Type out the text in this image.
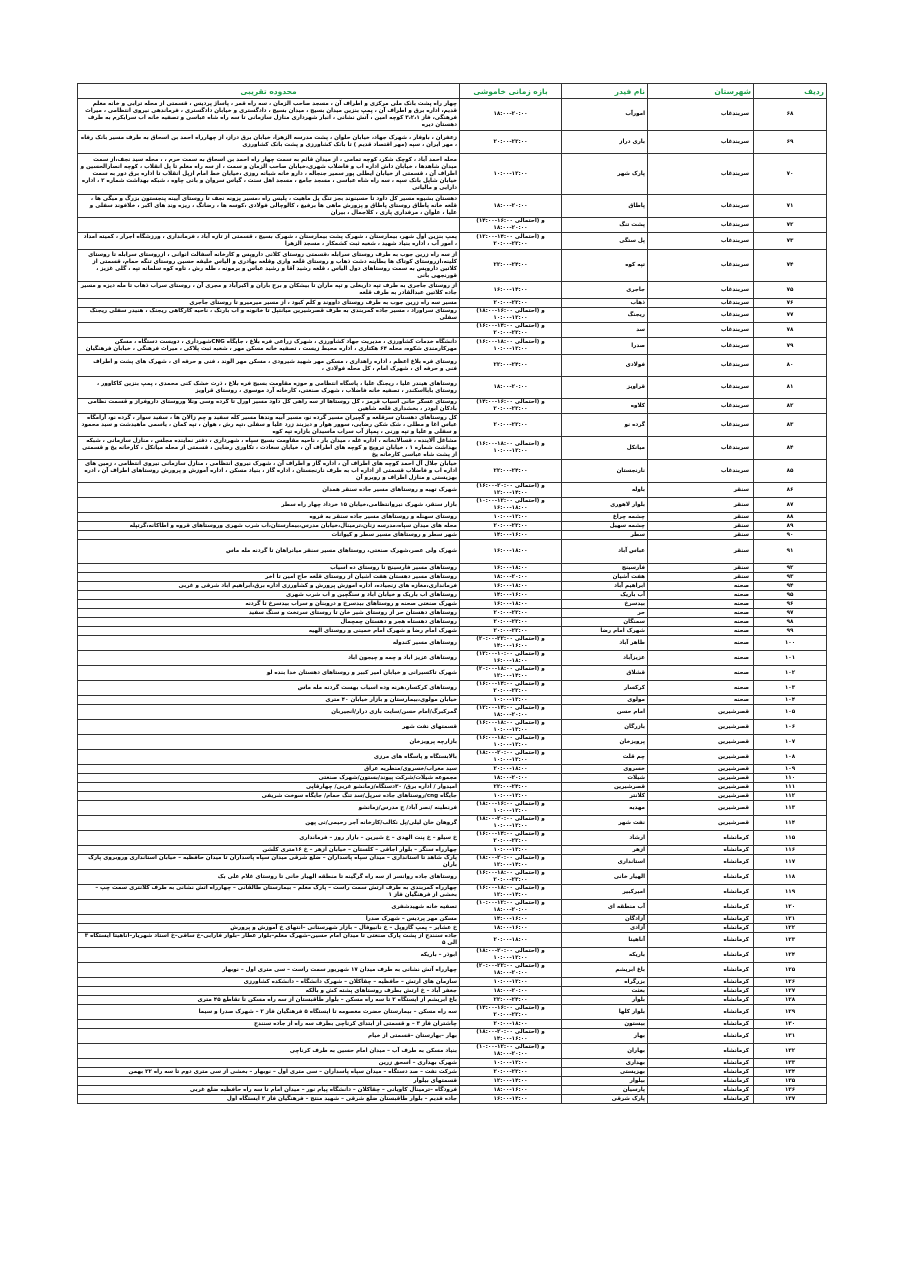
ردیف	شهرستان	نام فیدر	بازه زمانی خاموشی	محدوده تقریبی
۶۸	سربندغاب	امورآب	۱۸:۰۰-۲۰:۰۰	چهار راه پشت بانک ملی مرکزی و اطراف آن ، مسجد صاحب الزمان ، سه راه قمر ، پاساژ پردیس ، قسمتی از محله ترابی و خانه معلم قدیم، اداره برق و اطراف آن ، پمپ بنزین میدان بسیج ، میدان بسیج ، دادگستری و خیابان دادگستری ، فرماندهی نیروی انتظامی ، میراث فرهنگی، فاز ۳،۲،۱ کوچه امین ، آتش نشانی ، انبار شهرداری منازل سازمانی تا سه راه شاه عباسی و تصفیه خانه اب سرابکرم به طرف دهستان دیره
۶۹	سربندغاب	باری دراز	۲۰:۰۰-۲۲:۰۰	زعفران ، باوفار ، شهرک جهاد، خیابان حلوان ، پشت مدرسه الزهرا، خیابان برق دراز، از چهارراه احمد بن اسحاق به طرف مسیر بانک رفاه ، مهر ایران ، سپه (مهر اقتصاد قدیم ) تا بانک کشاورزی و پشت بانک کشاورزی
۷۰	سربندغاب	پارک شهر	۱۰:۰۰-۱۲:۰۰	محله احمد آباد ، کوچک شکر، کوچه تمامی ، از میدان قائم به سمت چهار راه احمد بن اسحاق به سمت حرم ، ، محله سید نجف،از سمت میدان شاهدها ، خیابان داش اداره اب و فاضلاب شهری،خیابان صاحب الزمان و سمت ، از سه راه معلم تا پل انقلاب ، کوچه انصارالحسین و اطراف آن ، قسمتی از خیابان ایطلی پور سمیر جنجاله ، دارو خانه شبانه روزی ،خیابان خط امام ازپل انقلاب تا اداره برق دور به سمت خیابان شاپل بانک سپه ، سه راه شاه عباسی ، مسجد جامع ، مسجد اهل سنت ، گیاس سروان و بانی چاوه ، شبکه بهداشت شماره ۲ ، اداره دارایی و مالیاتی
۷۱	سربندغاب	پاطاق	۱۸:۰۰-۲۰:۰۰	دهستان بشیوه مسیر کل داود تا حسینوند بجز تنگ پل ماهیت ، پلیس راه ،مسیر پزونه نجف تا روستای آیینه پنجستون بزرگ و میگی ها ، قلعه خانه پاطاق روستای پاطاق و پزورش ماهی ها برفیع ، کالوچالی فولادی ،کوسه ها ، رضانگ ، ریزه وند های اکبر ، خلافوند سفلی و علیا ، علوان ، مرفداری پاری ، کلاجمال ، بیران
۷۲	سربندغاب	پشت تنگ	(احتمالی ۱۶:۰۰-۱۴:۰۰) و ۲۰:۰۰-۱۸:۰۰	
۷۳	سربندغاب	پل ستگی	(احتمالی ۱۴:۰۰-۱۲:۰۰) و ۲۲:۰۰-۲۰:۰۰	پمپ بنزین اول شهر، بیمارستان ، شهرک پشت بیمارستان ، شهرک بسیج ، قسمتی از تازه آباد ، فرمانداری ، ورزشگاه اجرار ، کمیته امداد ، امور آب ، اداره بنیاد شهید ، شعبه ثبت کشمکار ، مسجد الزهرا
۷۴	سربندغاب	تپه کوه	۲۲:۰۰-۲۴:۰۰	از سه راه زرین جوب به طرف روستای سرابله ،قسمتی روستای کلانی داروپس و کارخانه آسفالت انوانی ، ازروستای سرابله تا روستای کلینه،ازروستای کوتاک ها بطاینه دشت ذهاب و روستای قلعه واری وقلعه بهادری و الیاس خلیفه حسین روستای تنگه حمام، قسمتی از کلاتین داروپس به سمت روستاهای دول الیاس ، قلعه رشید آقا و رشید عباس و برمونه ، طله رش ، تاوه کوه سلمانه تپه ، گلی غزیز ، قورنجهی بانی
۷۵	سربندغاب	جاجری	۱۶:۰۰-۱۴:۰۰	از روستای جاجری به طرف تپه داربعلی و تپه ماران تا بیشکان و برج باران و اکبرآباد و مجری آن ، روستای سراب ذهاب تا مله دیزه و مسیر جاده کلاتین عبدالقادر به طرف قلعه
۷۶	سربندغاب	ذهاب	۲۰:۰۰-۲۲:۰۰	مسیر سه راه زرین جوب به طرف روستای داووند و کلم کبود ، از مسیر میرمیرو تا روستای جاجری
۷۷	سربندغاب	ریجنگ	(احتمالی ۱۶:۰۰-۱۸:۰۰) و ۱۲:۰۰-۱۰:۰۰	روستای سراوراد ، مسیر جاده کمربندی به طرف قصرشیرین میانتپل تا خانونه و اب بارنگ ، ناحیه کارگاهی ریجنگ ، هنیدر سفلی ریجنگ سفلی
۷۸	سربندغاب	سد	(احتمالی ۱۴:۰۰-۱۶:۰۰) و ۲۲:۰۰-۲۰:۰۰	
۷۹	سربندغاب	صدرا	(احتمالی ۱۸:۰۰-۱۶:۰۰) و ۱۲:۰۰-۱۰:۰۰	دانشگاه خدمات کشاورزی ، مدیریت جهاد کشاورزی ، شهرک زراعی فره بلاغ ، جایگاه CNGشهرداری ، دویست دستگاه ، مسکن مهرکارمندی شکوه، محله ۶۴ هکتاری ، اداره محیط زیست ، تصفیه خانه مسکن مهر ، شعبه ثبت پلاکی ، میراث فرهنگی ، خیابان فرهنگیان
۸۰	سربندغاب	فولادی	۲۲:۰۰-۲۴:۰۰	روستای فره بلاغ اعظم ، اداره راهداری ، مسکن مهر شهید شیرودی ، مسکن مهر الوند ، فنی و حرفه ای ، شهرک های پشت و اطراف فنی و حرفه ای ، شهرک امام ، کل محله فولادی ،
۸۱	سربندغاب	قراویز	۱۸:۰۰-۲۰:۰۰	روستاهای هیندر علیا ، ریجنگ علیا ، پاسگاه انتظامی و حوزه مقاومت بسیج فره بلاغ ، ذرت خشک کنی محمدی ، پمپ بنزین کاکاوور ، روستای بابااسکندر ، تصفیه خانه فاضلاب ، شهرک صنعتی، کارخانه آرد موسوی ، روستای قراویز
۸۲	سربندغاب	کلاوه	(احتمالی ۱۶:۰۰-۱۴:۰۰) و ۲۲:۰۰-۲۰:۰۰	روستای عسکر خانی آسیاب قرمز ، کل روستاها از سه راهی کل داود مسیر اورل تا گرده وسی ونلا وروستای داروفراز و قسمت نظامی بادکان ابودر ، بخشداری قلعه شاهین
۸۳	سربندغاب	گرده نو	۲۰:۰۰-۲۲:۰۰	کل روستاهای دهستان سرقلعه و گچیران مسیر گرده نو، مسیر آبیه وندها مسیر کله سفید و چم زالان ها ، سفید سوار ، گرده نو، آرامگاه عباس اغا و مطلی ، شک شکن رضایی، سوور هوار و دیزبند زرد علیا و سفلی ،تپه رش ، هوان ، تپه کمان ، یاسمی ماهیدشت و سید محمود و سفلی و علیا و تپه ورنی ، پمپاژ آب سراب ماسیدان بازاره تپه کوه
۸۴	سربندغاب	میانکل	(احتمالی ۱۸:۰۰-۱۶:۰۰) و ۱۲:۰۰-۱۰:۰۰	مشاغل آلاینده ، قسالانخانه ، اداره غله ، میدان بار ، ناحیه مقاومت بسیج سپاه ، شهرداری ، دفتر نماینده مجلس ، منازل سازمانی ، شبکه بهداشت شماره ۱ ، خیابان تروپچ و کوچه های اطراف آن ، خیابان سعادت ، تکاوری رضایی ، قسمتی از محله میانکل ، کارخانه یخ و قسمتی از پشت شاه عباسی کارخانه یخ
۸۵	سربندغاب	نارنجستان	۲۲:۰۰-۲۴:۰۰	خیابان جلال آل احمد کوچه های اطراف آن ، اداره گاز و اطراف آن ، شهرک نیروی انتظامی ، منازل سازمانی نیروی انتظامی ، زمین های اداره اب و فاضلاب قسمتی از اداره اب به طرف نارنجستان ، اداره گاز ، بنیاد مسکن ، اداره آموزش و پرورش روستاهای اطراف آن ، ادره بهزیستی و منازل اطراف و روبرو آن
۸۶	سنقر	باوله	(احتمالی ۲۰:۰۰-۱۶:۰۰) و ۱۴:۰۰-۱۲:۰۰	شهرک تهیه و روستاهای مسیر جاده سنقر همدان
۸۷	سنقر	بلوار لاهوری	(احتمالی ۱۲:۰۰-۱۰:۰۰) و ۱۸:۰۰-۱۶:۰۰	بازار سنقر، شهرک نیروانتظامی،خیابان ۱۵ خرداد چهار راه سطر
۸۸	سنقر	چشمه چراغ	۱۰:۰۰-۱۲:۰۰	روستای سهنله و روستاهای مسیر جاده سنقر به قروه
۸۹	سنقر	چشمه سهیل	۲۰:۰۰-۲۲:۰۰	محله های میدان سپاه،مدرسه زنان،ترمینال،خیابان مدرس،بیمارستان،اب شرب شهری وروستاهای قروه و اطاکانه،گرتپله
۹۰	سنقر	سطر	۱۴:۰۰-۱۶:۰۰	شهر سطر و روستاهای مسیر سطر و کیوانات
۹۱	سنقر	عباس آباد	۱۶:۰۰-۱۸:۰۰	شهرک ولی عصر،شهرک صنعتی، روستاهای مسیر سنقر میانراهان تا گردنه مله ماس
۹۲	سنقر	فارسینج	۱۶:۰۰-۱۸:۰۰	روستاهای مسیر فارسینج تا روستای ده اسیاب
۹۳	سنقر	هفت آشیان	۱۸:۰۰-۲۰:۰۰	روستاهای مسیر دهستان هفت اشیان از روستای قلعه حاج امین تا اخر
۹۴	صحنه	ابراهیم آباد	۱۶:۰۰-۱۸:۰۰	فرمانداری،مغازه های زنجیاده، اداره اموزش پرورش و کشاورزی اداره برق،ابراهیم اباد شرقی و غربی
۹۵	صحنه	آب باریک	۱۴:۰۰-۱۶:۰۰	روستاهای اب باریک و خیابان اباد و سنگچین و اب شرب شهری
۹۶	صحنه	بیدسرخ	۱۶:۰۰-۱۸:۰۰	شهرک صنعتی صحنه و روستاهای بیدسرخ و دروبنان و سراب بیدسرخ تا گردنه
۹۷	صحنه	حر	۲۰:۰۰-۲۲:۰۰	روستاهای دهستان حر از روستای شیر خان تا روستای سرتخت و سنگ سفید
۹۸	صحنه	سمنگان	۲۰:۰۰-۲۲:۰۰	روستاهای دهستاه هجر و دهستان چمچمال
۹۹	صحنه	شهرک امام رضا	۲۰:۰۰-۲۲:۰۰	شهرک امام رضا و شهرک امام خمینی و روستای الهیه
۱۰۰	صحنه	طاهر آباد	(احتمالی ۲۲:۰۰-۲۰:۰۰) و ۱۶:۰۰-۱۴:۰۰	روستاهای مسیر کندوله
۱۰۱	صحنه	عزیزآباد	(احتمالی ۱۰:۰۰-۱۲:۰۰) و ۱۸:۰۰-۱۶:۰۰	روستاهای عزیز اباد و چمه و چیجون اباد
۱۰۲	صحنه	قشلاق	(احتمالی ۱۸:۰۰-۲۰:۰۰) و ۱۴:۰۰-۱۲:۰۰	شهرک تاکسیرانی و خیابان امیر کبیر و روستاهای دهستان خدا بنده لو
۱۰۳	صحنه	کرکسار	(احتمالی ۱۴:۰۰-۱۶:۰۰) و ۲۲:۰۰-۲۰:۰۰	روستاهای کرکسار،هرنه وده اسیاب بهست گردنه مله ماس
۱۰۴	صحنه	مولوی	۱۰:۰۰-۱۲:۰۰	خیابان مولوی،بیمارستان و بازار خیابان ۴۰ متری
۱۰۵	قصرشیرین	امام حسن	(احتمالی ۱۴:۰۰-۱۲:۰۰) و ۲۰:۰۰-۱۸:۰۰	گمرکبرگ/امام حسن/سایت بازی درار/انجیربان
۱۰۶	قصرشیرین	بازرگان	(احتمالی ۱۸:۰۰-۱۶:۰۰) و ۱۲:۰۰-۱۰:۰۰	قسمتهای نفت شهر
۱۰۷	قصرشیرین	پرویزخان	(احتمالی ۱۸:۰۰-۱۶:۰۰) و ۱۲:۰۰-۱۰:۰۰	بازارچه پرویزخان
۱۰۸	قصرشیرین	چم قلت	(احتمالی ۲۰:۰۰-۱۸:۰۰) و ۱۲:۰۰-۱۰:۰۰	بالابستگاه و پاسگاه های مرزی
۱۰۹	قصرشیرین	خسروی	۲۰:۰۰-۱۸:۰۰	سید معراب/خسروی/منظریه عراق
۱۱۰	قصرشیرین	شیلات	۱۸:۰۰-۲۰:۰۰	مجموعه شیلات/شرکت پیوند/بستون/شهرک صنعتی
۱۱۱	قصرشیرین	قصرشیرین	۲۲:۰۰-۲۴:۰۰	امیدوار / اداره برق/ ۳۰دستگاه/زمانشو غربی/ چهارقاپی
۱۱۲	قصرشیرین	کلانتر	۱۰:۰۰-۱۲:۰۰	جایگاه cng/روستاهای جاده سرپل/سد تنگ حمام/ جایگاه سوخت شریفی
۱۱۳	قصرشیرین	مهدیه	(احتمالی ۱۶:۰۰-۱۸:۰۰) و ۱۲:۰۰-۱۰:۰۰	فرنطینه /نصر آباد/ ج مدرس/زمانشو
۱۱۴	قصرشیرین	نفت شهر	(احتمالی ۲۰:۰۰-۱۸:۰۰) و ۱۲:۰۰-۱۰:۰۰	گروهان خان لیلی/پل نکالب/کارخانه آجر رحیمی/نی پهن
۱۱۵	کرمانشاه	ارشاد	(احتمالی ۱۴:۰۰-۱۶:۰۰) و ۲۲:۰۰-۲۰:۰۰	خ سیلو – خ پنت الهدی – خ شیرین – بازار روز – فرمانداری
۱۱۶	کرمانشاه	ازهر	۱۰:۰۰-۱۲:۰۰	چهارراه سنگر – بلوار اجاقی – کلستان – خیابان ازهر – خ ۱۶متری کلشن
۱۱۷	کرمانشاه	استانداری	(احتمالی ۲۰:۰۰-۱۸:۰۰) و ۱۴:۰۰-۱۲:۰۰	پارک شاهد تا استانداری – میدان سپاه پاسداران – ضلع شرقی میدان سپاه پاسداران تا میدان حافظیه – خیابان استانداری وروبروی پارک باران
۱۱۸	کرمانشاه	الهیار خانی	(احتمالی ۱۸:۰۰-۱۶:۰۰) و ۲۲:۰۰-۲۰:۰۰	روستاهای جاده روانسر از سه راه گرگینه تا منطقه الهیار خانی تا روستای غلام علی بک
۱۱۹	کرمانشاه	امیرکبیر	(احتمالی ۱۸:۰۰-۱۶:۰۰) و ۱۴:۰۰-۱۲:۰۰	چهارراه کمربندی به طرف ارتش سمت راست – پارک معلم – بیمارستان طالقانی – چهارراه آتش نشانی به طرف کلانتری سمت چپ – بخشی از فرهنگیان فاز ۱
۱۲۰	کرمانشاه	آب منطقه ای	(احتمالی ۱۲:۰۰-۱۰:۰۰) و ۲۰:۰۰-۱۸:۰۰	تصفیه خانه شهیدشفری
۱۲۱	کرمانشاه	آزادگان	۱۴:۰۰-۱۶:۰۰	مسکن مهر پردیس – شهرک صدرا
۱۲۲	کرمانشاه	آزادی	۱۸:۰۰-۱۶:۰۰	خ عشایر – پمپ گازوپل – خ نانیوفال – بازار شهرستانی –انتهای خ آموزش و پرورش
۱۲۳	کرمانشاه	آناهیتا	۲۰:۰۰-۱۸:۰۰	جاده سنندج از پشت پارک صنعتی تا میدان امام حسین–شهرک معلم–بلوار عطار –بلوار فارابی–خ ساقی–خ استاد شهریار–آناهیتا ایستگاه ۳ الی ۵
۱۲۴	کرمانشاه	باریکه	(احتمالی ۲۰:۰۰-۱۸:۰۰) و ۱۲:۰۰-۱۰:۰۰	ابوذر – باریکه
۱۲۵	کرمانشاه	باغ ابریشم	(احتمالی ۲۲:۰۰-۲۰:۰۰) و ۲۰:۰۰-۱۸:۰۰	چهارراه آتش نشانی به طرف میدان ۱۷ شهریور سمت راست – سی متری اول – نوبهار
۱۲۶	کرمانشاه	بزرگراه	۱۰:۰۰-۱۲:۰۰	سازمان های ارتش – حافظیه – چقاکلان – شهرک دانشگاه – دانشکده کشاورزی
۱۲۷	کرمانشاه	بعثت	۱۸:۰۰-۲۰:۰۰	جعفر آباد – خ ارتش بطرف روستاهای پشته کش و بالکه
۱۲۸	کرمانشاه	بلوار	۲۲:۰۰-۲۴:۰۰	باغ ابریشم از ایستگاه ۲ تا سه راه مسکن – بلوار طاقبستان از سه راه مسکن تا تقاطع ۴۵ متری
۱۲۹	کرمانشاه	بلوار کلها	(احتمالی ۱۶:۰۰-۱۴:۰۰) و ۲۲:۰۰-۲۰:۰۰	سه راه مسکن – بیمارستان حضرت معصومه تا ایستگاه ۵ فرهنگیان فاز ۲ – شهرک صدرا و سیما
۱۳۰	کرمانشاه	بیستون	۲۰:۰۰-۱۸:۰۰	چاشتران فاز ۳ – و قسمتی از ابتدای کرناچی بطرف سه راه از جاده سنندج
۱۳۱	کرمانشاه	بهار	(احتمالی ۲۰:۰۰-۱۸:۰۰) و ۱۶:۰۰-۱۴:۰۰	بهار –بهارستان –قسمتی از خیام
۱۳۲	کرمانشاه	بهاران	(احتمالی ۱۲:۰۰-۱۰:۰۰) و ۲۰:۰۰-۱۸:۰۰	بنیاد مسکن به طرف آب – میدان امام حسین به طرف کرناچی
۱۳۳	کرمانشاه	بهداری	۱۰:۰۰-۱۲:۰۰	شهرک بهداری – اسحق زرین
۱۳۴	کرمانشاه	بهزیستی	۲۰:۰۰-۲۲:۰۰	شرکت نفت – صد دستگاه – میدان سپاه پاسداران – سی متری اول – نوبهار – بخشی از سی متری دوم تا سه راه ۲۲ بهمن
۱۳۵	کرمانشاه	بیلوار	۱۲:۰۰-۱۴:۰۰	قسمتهای بیلوار
۱۳۶	کرمانشاه	پارسیان	۱۸:۰۰-۱۶:۰۰	فرودگاه –ترمینال کاویانی – چقاکلان – دانشگاه پیام نور – میدان امام تا سه راه حافظیه ضلع غربی
۱۳۷	کرمانشاه	پارک شرقی	۱۶:۰۰-۱۴:۰۰	جاده قدیم – بلوار طاقبستان ضلع شرقی – شهید منتج – فرهنگیان فاز ۲ ایستگاه اول
